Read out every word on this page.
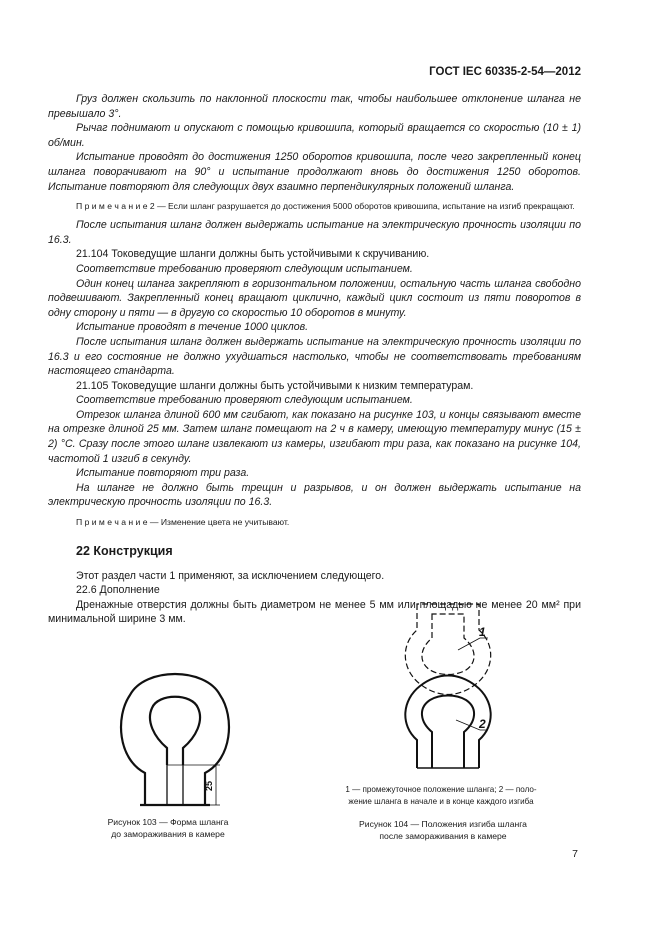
ГОСТ IEC 60335-2-54—2012

Груз должен скользить по наклонной плоскости так, чтобы наибольшее отклонение шланга не превышало 3°.

Рычаг поднимают и опускают с помощью кривошипа, который вращается со скоростью (10 ± 1) об/мин.

Испытание проводят до достижения 1250 оборотов кривошипа, после чего закрепленный конец шланга поворачивают на 90° и испытание продолжают вновь до достижения 1250 оборотов. Испытание повторяют для следующих двух взаимно перпендикулярных положений шланга.

П р и м е ч а н и е 2 — Если шланг разрушается до достижения 5000 оборотов кривошипа, испытание на изгиб прекращают.

После испытания шланг должен выдержать испытание на электрическую прочность изоляции по 16.3.

21.104 Токоведущие шланги должны быть устойчивыми к скручиванию.

Соответствие требованию проверяют следующим испытанием.

Один конец шланга закрепляют в горизонтальном положении, остальную часть шланга свободно подвешивают. Закрепленный конец вращают циклично, каждый цикл состоит из пяти поворотов в одну сторону и пяти — в другую со скоростью 10 оборотов в минуту.

Испытание проводят в течение 1000 циклов.

После испытания шланг должен выдержать испытание на электрическую прочность изоляции по 16.3 и его состояние не должно ухудшаться настолько, чтобы не соответствовать требованиям настоящего стандарта.

21.105 Токоведущие шланги должны быть устойчивыми к низким температурам.

Соответствие требованию проверяют следующим испытанием.

Отрезок шланга длиной 600 мм сгибают, как показано на рисунке 103, и концы связывают вместе на отрезке длиной 25 мм. Затем шланг помещают на 2 ч в камеру, имеющую температуру минус (15 ± 2) °С. Сразу после этого шланг извлекают из камеры, изгибают три раза, как показано на рисунке 104, частотой 1 изгиб в секунду.

Испытание повторяют три раза.

На шланге не должно быть трещин и разрывов, и он должен выдержать испытание на электрическую прочность изоляции по 16.3.

П р и м е ч а н и е — Изменение цвета не учитывают.

22 Конструкция

Этот раздел части 1 применяют, за исключением следующего.

22.6 Дополнение

Дренажные отверстия должны быть диаметром не менее 5 мм или площадью не менее 20 мм² при минимальной ширине 3 мм.

25
Рисунок 103 — Форма шланга
до замораживания в камере
1
2
1 — промежуточное положение шланга; 2 — поло-
жение шланга в начале и в конце каждого изгиба
Рисунок 104 — Положения изгиба шланга
после замораживания в камере
7
